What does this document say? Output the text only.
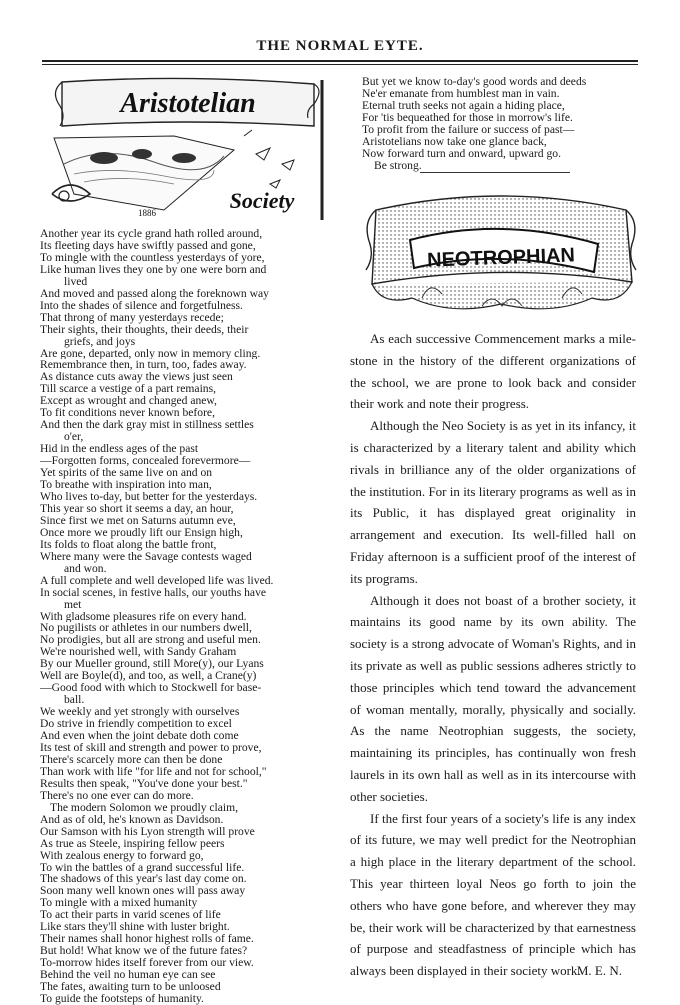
THE NORMAL EYTE.
Aristotelian
Society
1886
Another year its cycle grand hath rolled around,
Its fleeting days have swiftly passed and gone,
To mingle with the countless yesterdays of yore,
Like human lives they one by one were born and
lived
And moved and passed along the foreknown way
Into the shades of silence and forgetfulness.
That throng of many yesterdays recede;
Their sights, their thoughts, their deeds, their
griefs, and joys
Are gone, departed, only now in memory cling.
Remembrance then, in turn, too, fades away.
As distance cuts away the views just seen
Till scarce a vestige of a part remains,
Except as wrought and changed anew,
To fit conditions never known before,
And then the dark gray mist in stillness settles
o'er,
Hid in the endless ages of the past
—Forgotten forms, concealed forevermore—
Yet spirits of the same live on and on
To breathe with inspiration into man,
Who lives to-day, but better for the yesterdays.
This year so short it seems a day, an hour,
Since first we met on Saturns autumn eve,
Once more we proudly lift our Ensign high,
Its folds to float along the battle front,
Where many were the Savage contests waged
and won.
A full complete and well developed life was lived.
In social scenes, in festive halls, our youths have
met
With gladsome pleasures rife on every hand.
No pugilists or athletes in our numbers dwell,
No prodigies, but all are strong and useful men.
We're nourished well, with Sandy Graham
By our Mueller ground, still More(y), our Lyans
Well are Boyle(d), and too, as well, a Crane(y)
—Good food with which to Stockwell for base-
ball.
We weekly and yet strongly with ourselves
Do strive in friendly competition to excel
And even when the joint debate doth come
Its test of skill and strength and power to prove,
There's scarcely more can then be done
Than work with life "for life and not for school,"
Results then speak, "You've done your best."
There's no one ever can do more.
The modern Solomon we proudly claim,
And as of old, he's known as Davidson.
Our Samson with his Lyon strength will prove
As true as Steele, inspiring fellow peers
With zealous energy to forward go,
To win the battles of a grand successful life.
The shadows of this year's last day come on.
Soon many well known ones will pass away
To mingle with a mixed humanity
To act their parts in varid scenes of life
Like stars they'll shine with luster bright.
Their names shall honor highest rolls of fame.
But hold! What know we of the future fates?
To-morrow hides itself forever from our view.
Behind the veil no human eye can see
The fates, awaiting turn to be unloosed
To guide the footsteps of humanity.
But yet we know to-day's good words and deeds
Ne'er emanate from humblest man in vain.
Eternal truth seeks not again a hiding place,
For 'tis bequeathed for those in morrow's life.
To profit from the failure or success of past—
Aristotelians now take one glance back,
Now forward turn and onward, upward go.
Be strong.
NEOTROPHIAN

As each successive Commencement marks a mile-stone in the history of the different organizations of the school, we are prone to look back and consider their work and note their progress.

Although the Neo Society is as yet in its infancy, it is characterized by a literary talent and ability which rivals in brilliance any of the older organizations of the institution. For in its literary programs as well as in its Public, it has displayed great originality in arrangement and execution. Its well-filled hall on Friday afternoon is a sufficient proof of the interest of its programs.

Although it does not boast of a brother society, it maintains its good name by its own ability. The society is a strong advocate of Woman's Rights, and in its private as well as public sessions adheres strictly to those principles which tend toward the advancement of woman mentally, morally, physically and socially. As the name Neotrophian suggests, the society, maintaining its principles, has continually won fresh laurels in its own hall as well as in its intercourse with other societies.

If the first four years of a society's life is any index of its future, we may well predict for the Neotrophian a high place in the literary department of the school. This year thirteen loyal Neos go forth to join the others who have gone before, and wherever they may be, their work will be characterized by that earnestness of purpose and steadfastness of principle which has always been displayed in their society work.

M. E. N.
